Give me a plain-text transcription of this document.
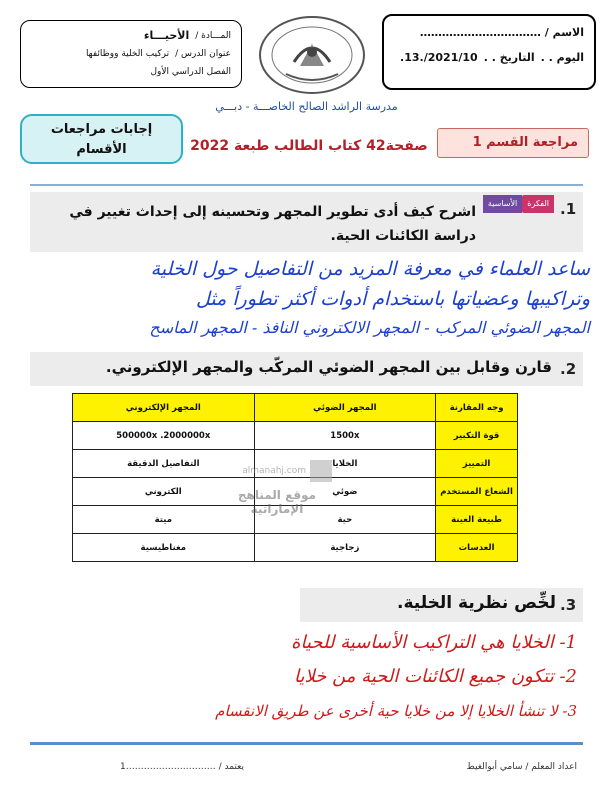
المـــادة /
الأحيـــاء
عنوان الدرس /
تركيب الخلية ووظائفها
الفصل الدراسي الأول
الاسم / ……………………………
اليوم . .
التاريخ . .
2021/10/.13.
مدرسة الراشد الصالح الخاصـــة - دبـــي
إجابات مراجعات
الأقسام	صفحة42 كتاب الطالب طبعة 2022	مراجعة القسم 1
1.
الفكرة
الأساسية
اشرح كيف أدى تطوير المجهر وتحسينه إلى إحداث تغيير في دراسة الكائنات الحية.
ساعد العلماء في معرفة المزيد من التفاصيل حول الخلية
وتراكيبها وعضياتها باستخدام أدوات أكثر تطوراً مثل
المجهر الضوئي المركب - المجهر الالكتروني النافذ - المجهر الماسح
2.
قارن وقابل بين المجهر الضوئي المركّب والمجهر الإلكتروني.
وجه المقارنة	المجهر الضوئي	المجهر الإلكتروني
قوة التكبير	1500x	500000x .2000000x
التمييز	الخلايا	التفاصيل الدقيقة
الشعاع المستخدم	ضوئي	الكتروني
طبيعة العينة	حية	ميتة
العدسات	زجاجية	مغناطيسية
almanahj.com
موقع المناهج الإماراتية
3.
لخِّص نظرية الخلية.
1- الخلايا هي التراكيب الأساسية للحياة
2- تتكون جميع الكائنات الحية من خلايا
3- لا تنشأ الخلايا إلا من خلايا حية أخرى عن طريق الانقسام
اعداد المعلم / سامي أبوالغيط
يعتمد / …………………………1
